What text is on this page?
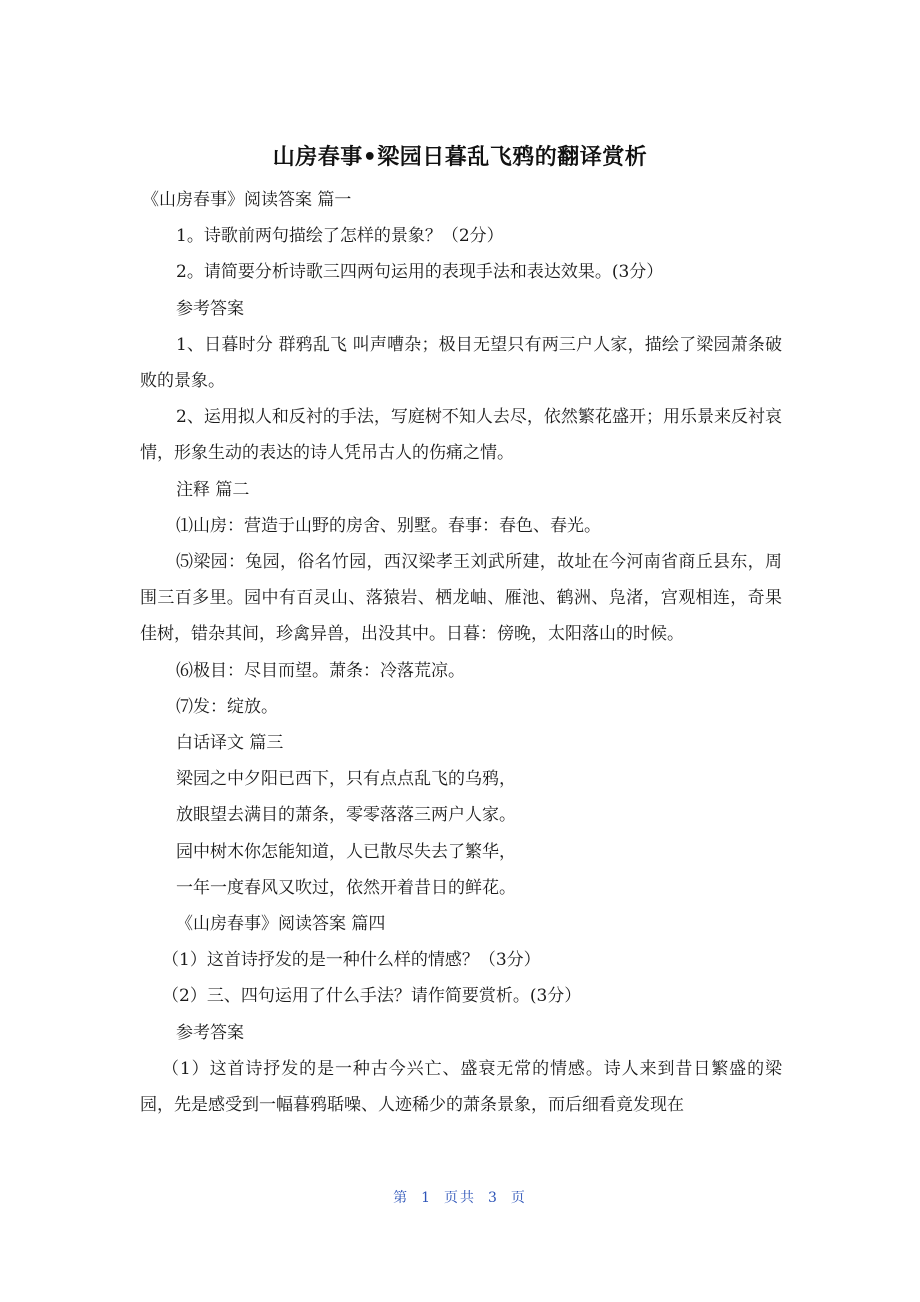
山房春事•梁园日暮乱飞鸦的翻译赏析

《山房春事》阅读答案 篇一

1。诗歌前两句描绘了怎样的景象？（2分）

2。请简要分析诗歌三四两句运用的表现手法和表达效果。(3分）

参考答案

1、日暮时分 群鸦乱飞 叫声嘈杂；极目无望只有两三户人家，描绘了梁园萧条破败的景象。

2、运用拟人和反衬的手法，写庭树不知人去尽，依然繁花盛开；用乐景来反衬哀情，形象生动的表达的诗人凭吊古人的伤痛之情。

注释 篇二

⑴山房：营造于山野的房舍、别墅。春事：春色、春光。

⑸梁园：兔园，俗名竹园，西汉梁孝王刘武所建，故址在今河南省商丘县东，周围三百多里。园中有百灵山、落猿岩、栖龙岫、雁池、鹤洲、凫渚，宫观相连，奇果佳树，错杂其间，珍禽异兽，出没其中。日暮：傍晚，太阳落山的时候。

⑹极目：尽目而望。萧条：冷落荒凉。

⑺发：绽放。

白话译文 篇三

梁园之中夕阳已西下，只有点点乱飞的乌鸦，

放眼望去满目的萧条，零零落落三两户人家。

园中树木你怎能知道，人已散尽失去了繁华，

一年一度春风又吹过，依然开着昔日的鲜花。

《山房春事》阅读答案 篇四

（1）这首诗抒发的是一种什么样的情感？（3分）

（2）三、四句运用了什么手法？请作简要赏析。(3分）

参考答案

（1）这首诗抒发的是一种古今兴亡、盛衰无常的情感。诗人来到昔日繁盛的梁园，先是感受到一幅暮鸦聒噪、人迹稀少的萧条景象，而后细看竟发现在

第 1 页共 3 页
